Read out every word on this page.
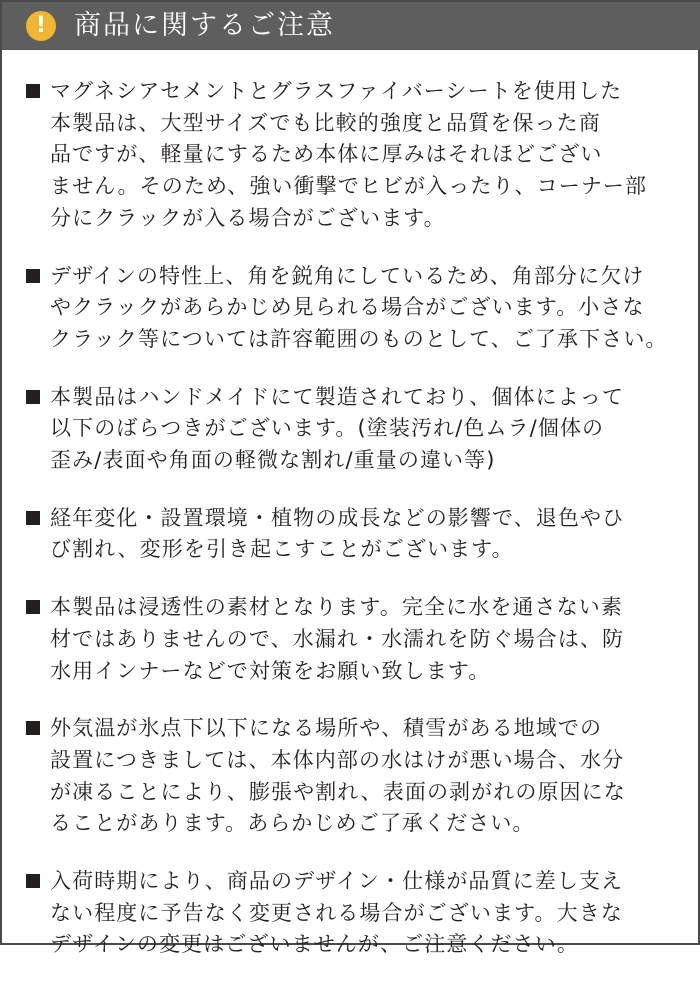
!	商品に関するご注意
マグネシアセメントとグラスファイバーシートを使用した
本製品は、大型サイズでも比較的強度と品質を保った商
品ですが、軽量にするため本体に厚みはそれほどござい
ません。そのため、強い衝撃でヒビが入ったり、コーナー部
分にクラックが入る場合がございます。
デザインの特性上、角を鋭角にしているため、角部分に欠け
やクラックがあらかじめ見られる場合がございます。小さな
クラック等については許容範囲のものとして、ご了承下さい。
本製品はハンドメイドにて製造されており、個体によって
以下のばらつきがございます。(塗装汚れ/色ムラ/個体の
歪み/表面や角面の軽微な割れ/重量の違い等)
経年変化・設置環境・植物の成長などの影響で、退色やひ
び割れ、変形を引き起こすことがございます。
本製品は浸透性の素材となります。完全に水を通さない素
材ではありませんので、水漏れ・水濡れを防ぐ場合は、防
水用インナーなどで対策をお願い致します。
外気温が氷点下以下になる場所や、積雪がある地域での
設置につきましては、本体内部の水はけが悪い場合、水分
が凍ることにより、膨張や割れ、表面の剥がれの原因にな
ることがあります。あらかじめご了承ください。
入荷時期により、商品のデザイン・仕様が品質に差し支え
ない程度に予告なく変更される場合がございます。大きな
デザインの変更はございませんが、ご注意ください。
